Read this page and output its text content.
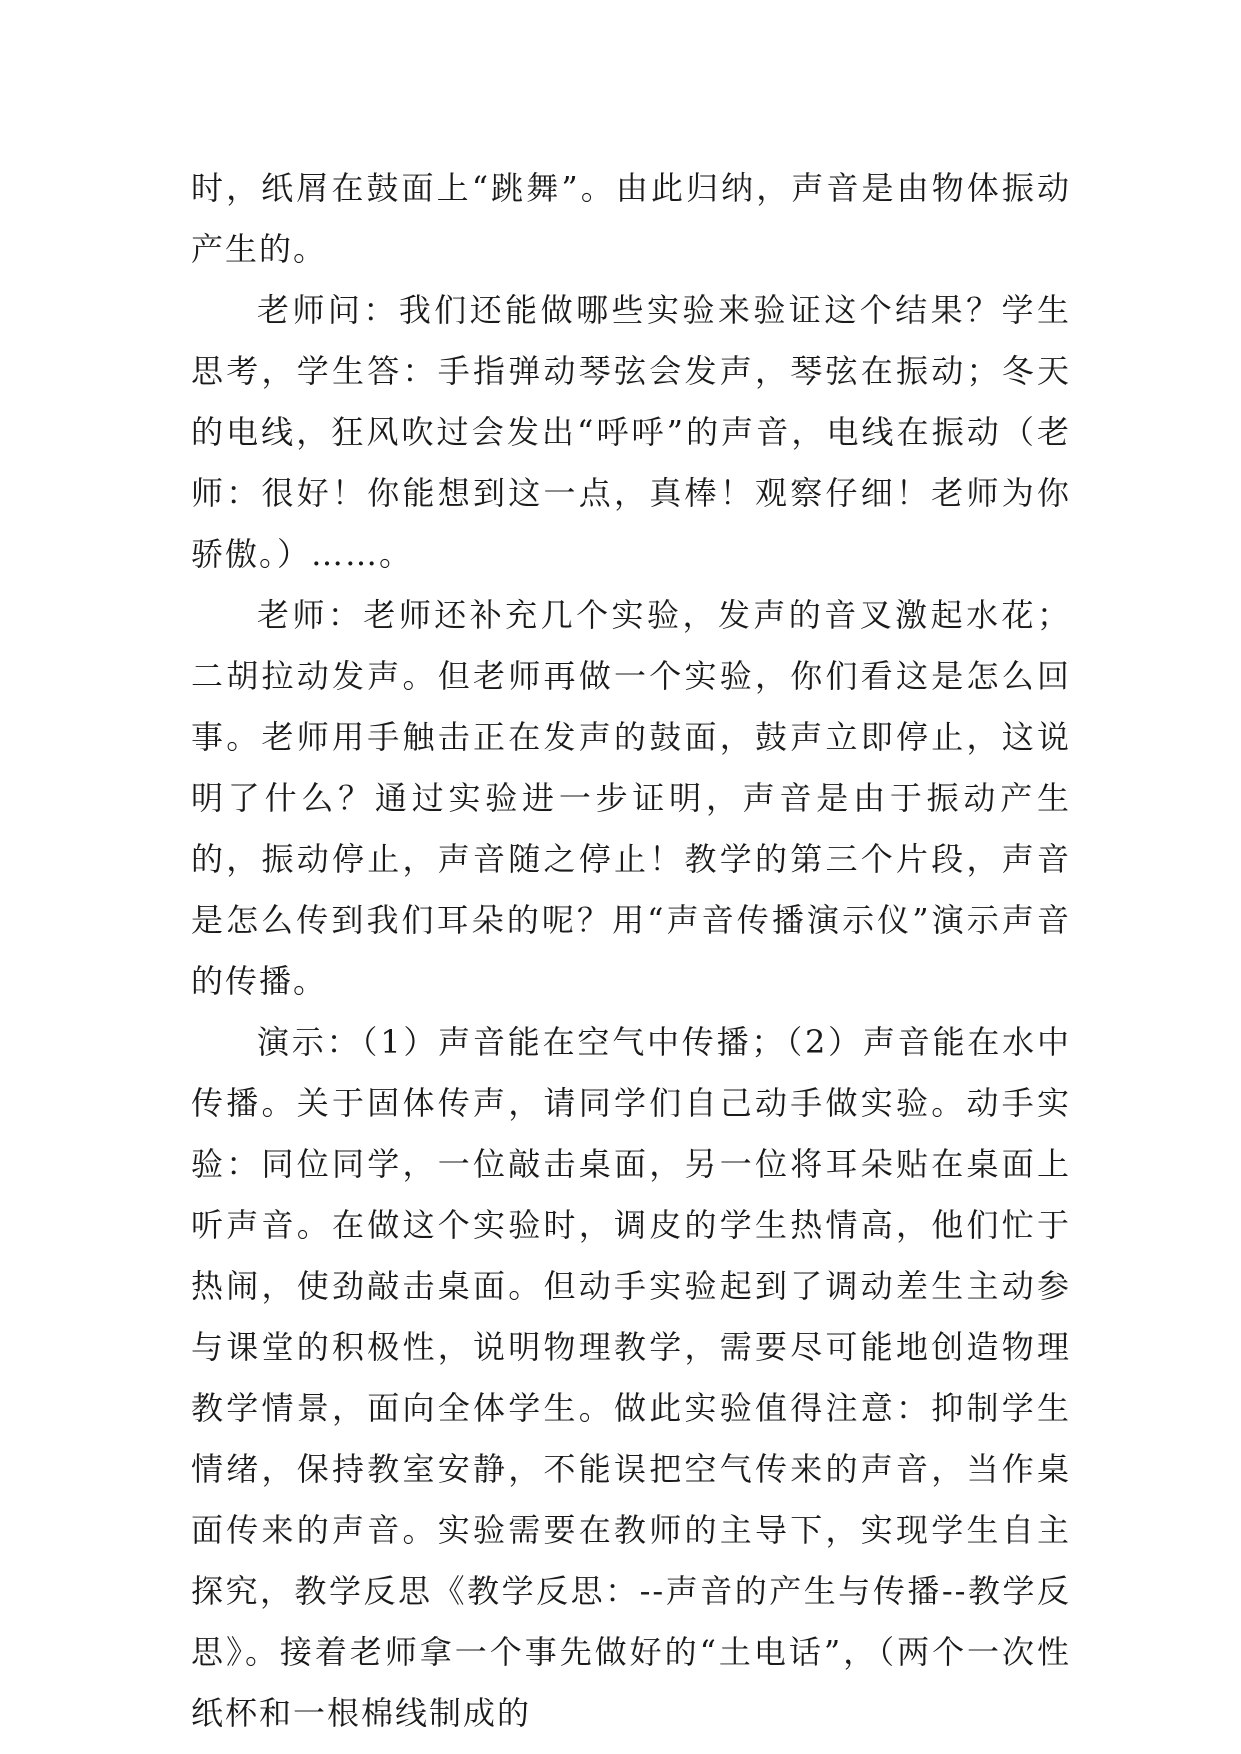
时，纸屑在鼓面上“跳舞”。由此归纳，声音是由物体振动产生的。

老师问：我们还能做哪些实验来验证这个结果？学生思考，学生答：手指弹动琴弦会发声，琴弦在振动；冬天的电线，狂风吹过会发出“呼呼”的声音，电线在振动（老师：很好！你能想到这一点，真棒！观察仔细！老师为你骄傲。）……。

老师：老师还补充几个实验，发声的音叉激起水花；二胡拉动发声。但老师再做一个实验，你们看这是怎么回事。老师用手触击正在发声的鼓面，鼓声立即停止，这说明了什么？通过实验进一步证明，声音是由于振动产生的，振动停止，声音随之停止！教学的第三个片段，声音是怎么传到我们耳朵的呢？用“声音传播演示仪”演示声音的传播。

演示：（1）声音能在空气中传播；（2）声音能在水中传播。关于固体传声，请同学们自己动手做实验。动手实验：同位同学，一位敲击桌面，另一位将耳朵贴在桌面上听声音。在做这个实验时，调皮的学生热情高，他们忙于热闹，使劲敲击桌面。但动手实验起到了调动差生主动参与课堂的积极性，说明物理教学，需要尽可能地创造物理教学情景，面向全体学生。做此实验值得注意：抑制学生情绪，保持教室安静，不能误把空气传来的声音，当作桌面传来的声音。实验需要在教师的主导下，实现学生自主探究，教学反思《教学反思：--声音的产生与传播--教学反思》。接着老师拿一个事先做好的“土电话”，（两个一次性纸杯和一根棉线制成的
